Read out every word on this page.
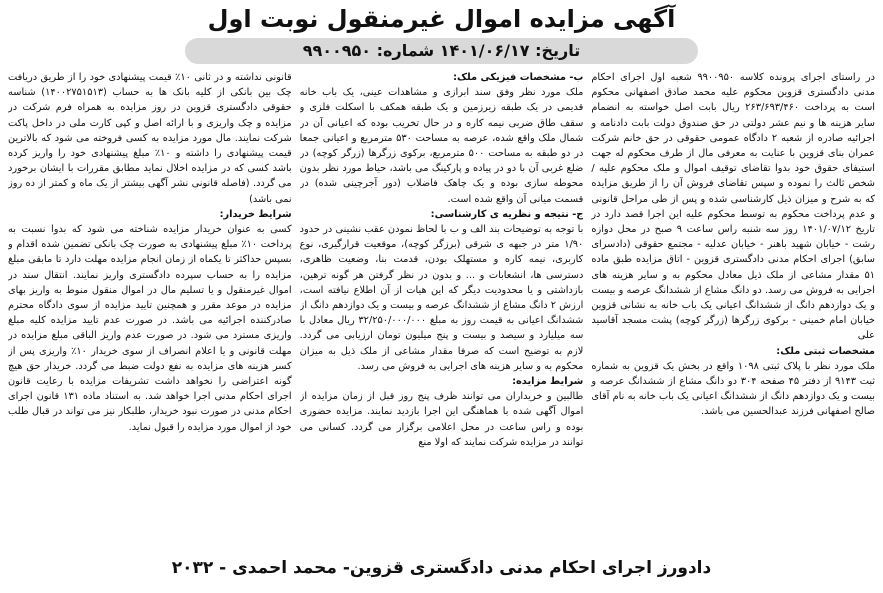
آگهی مزایده اموال غیرمنقول نوبت اول
تاریخ: ۱۴۰۱/۰۶/۱۷ شماره: ۹۹۰۰۹۵۰

در راستای اجرای پرونده کلاسه ۹۹۰۰۹۵۰ شعبه اول اجرای احکام مدنی دادگستری قزوین محکوم علیه محمد صادق اصفهانی محکوم است به پرداخت ۲۶۳/۶۹۳/۴۶۰ ریال بابت اصل خواسته به انضمام سایر هزینه ها و نیم عشر دولتی در حق صندوق دولت بابت دادنامه و اجرائیه صادره از شعبه ۲ دادگاه عمومی حقوقی در حق خانم شرکت عمران بنای قزوین با عنایت به معرفی مال از طرف محکوم له جهت استیفای حقوق خود بدوا تقاضای توقیف اموال و ملک محکوم علیه / شخص ثالث را نموده و سپس تقاضای فروش آن را از طریق مزایده که به شرح و میزان ذیل کارشناسی شده و پس از طی مراحل قانونی و عدم پرداخت محکوم به توسط محکوم علیه این اجرا قصد دارد در تاریخ ۱۴۰۱/۰۷/۱۲ روز سه شنبه راس ساعت ۹ صبح در محل دوازه رشت - خیابان شهید باهنر - خیابان عدلیه - مجتمع حقوقی (دادسرای سابق) اجرای احکام مدنی دادگستری قزوین - اتاق مزایده طبق ماده ۵۱ مقدار مشاعی از ملک ذیل معادل محکوم به و سایر هزینه های اجرایی به فروش می رسد. دو دانگ مشاع از ششدانگ عرصه و بیست و یک دوازدهم دانگ از ششدانگ اعیانی یک باب خانه به نشانی قزوین خیابان امام خمینی - برکوی زرگرها (زرگر کوچه) پشت مسجد آقاسید علی

مشخصات ثبتی ملک:

ملک مورد نظر با پلاک ثبتی ۱۰۹۸ واقع در بخش یک قزوین به شماره ثبت ۹۱۴۳ از دفتر ۴۵ صفحه ۳۰۴ دو دانگ مشاع از ششدانگ عرصه و بیست و یک دوازدهم دانگ از ششدانگ اعیانی یک باب خانه به نام آقای صالح اصفهانی فرزند عبدالحسین می باشد.

ب- مشخصات فیزیکی ملک:

ملک مورد نظر وفق سند ابرازی و مشاهدات عینی، یک باب خانه قدیمی در یک طبقه زیرزمین و یک طبقه همکف با اسکلت فلزی و سقف طاق ضربی نیمه کاره و در حال تخریب بوده که اعیانی آن در شمال ملک واقع شده، عرصه به مساحت ۵۳۰ مترمربع و اعیانی جمعا در دو طبقه به مساحت ۵۰۰ مترمربع، برکوی زرگرها (زرگر کوچه) در ضلع غربی آن با دو در پیاده و پارکینگ می باشد، حیاط مورد نظر بدون محوطه سازی بوده و یک چاهک فاضلاب (دور آجرچینی شده) در قسمت میانی آن واقع شده است.

ج- نتیجه و نظریه ی کارشناسی:

با توجه به توضیحات بند الف و ب با لحاظ نمودن عقب نشینی در حدود ۱/۹۰ متر در جبهه ی شرقی (برزگر کوچه)، موقعیت قرارگیری، نوع کاربری، نیمه کاره و مستهلک بودن، قدمت بنا، وضعیت ظاهری، دسترسی ها، انشعابات و ... و بدون در نظر گرفتن هر گونه ترهین، بازداشتی و یا محدودیت دیگر که این هیات از آن اطلاع نیافته است، ارزش ۲ دانگ مشاع از ششدانگ عرصه و بیست و یک دوازدهم دانگ از ششدانگ اعیانی به قیمت روز به مبلغ ۳۲/۲۵۰/۰۰۰/۰۰۰ ریال معادل با سه میلیارد و سیصد و بیست و پنج میلیون تومان ارزیابی می گردد. لازم به توضیح است که صرفا مقدار مشاعی از ملک ذیل به میزان محکوم به و سایر هزینه های اجرایی به فروش می رسد.

شرایط مزایده:

طالبین و خریداران می توانند ظرف پنج روز قبل از زمان مزایده از اموال آگهی شده با هماهنگی این اجرا بازدید نمایند. مزایده حضوری بوده و راس ساعت در محل اعلامی برگزار می گردد. کسانی می توانند در مزایده شرکت نمایند که اولا منع

قانونی نداشته و در ثانی ۱۰٪ قیمت پیشنهادی خود را از طریق دریافت چک بین بانکی از کلیه بانک ها به حساب (۱۴۰۰۲۷۵۱۵۱۳) شناسه حقوقی دادگستری قزوین در روز مزایده به همراه فرم شرکت در مزایده و چک واریزی و با ارائه اصل و کپی کارت ملی در داخل پاکت شرکت نمایند. مال مورد مزایده به کسی فروخته می شود که بالاترین قیمت پیشنهادی را داشته و ۱۰٪ مبلغ پیشنهادی خود را واریز کرده باشد کسی که در مزایده اخلال نماید مطابق مقررات با ایشان برخورد می گردد. (فاصله قانونی نشر آگهی بیشتر از یک ماه و کمتر از ده روز نمی باشد)

شرایط خریدار:

کسی به عنوان خریدار مزایده شناخته می شود که بدوا نسبت به پرداخت ۱۰٪ مبلغ پیشنهادی به صورت چک بانکی تضمین شده اقدام و بسپس حداکثر تا یکماه از زمان انجام مزایده مهلت دارد تا مابقی مبلغ مزایده را به حساب سپرده دادگستری واریز نمایند. انتقال سند در اموال غیرمنقول و یا تسلیم مال در اموال منقول منوط به واریز بهای مزایده در موعد مقرر و همچنین تایید مزایده از سوی دادگاه محترم صادرکننده اجرائیه می باشد. در صورت عدم تایید مزایده کلیه مبلغ واریزی مسترد می شود. در صورت عدم واریز الباقی مبلغ مزایده در مهلت قانونی و یا اعلام انصراف از سوی خریدار ۱۰٪ واریزی پس از کسر هزینه های مزایده به نفع دولت ضبط می گردد. خریدار حق هیچ گونه اعتراضی را نخواهد داشت تشریفات مزایده با رعایت قانون اجرای احکام مدنی اجرا خواهد شد. به استناد ماده ۱۳۱ قانون اجرای احکام مدنی در صورت نبود خریدار، طلبکار نیز می تواند در قبال طلب خود از اموال مورد مزایده را قبول نماید.

دادورز اجرای احکام مدنی دادگستری قزوین- محمد احمدی - ۲۰۳۲
